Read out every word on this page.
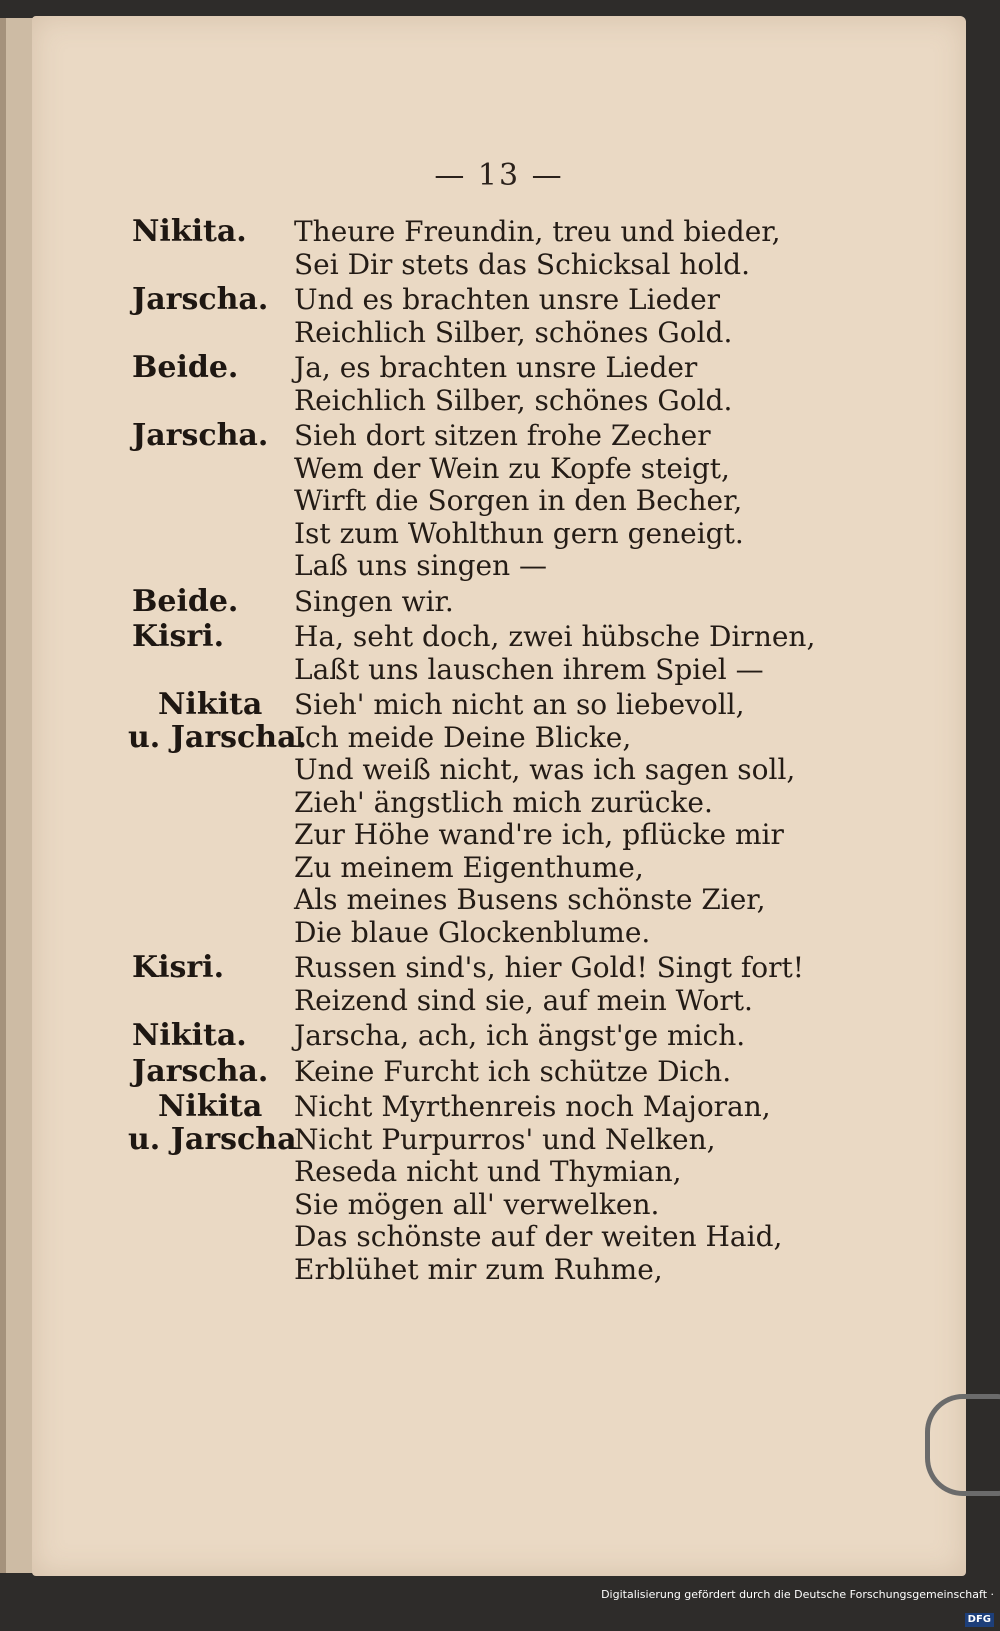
— 13 —
Nikita. Theure Freundin, treu und bieder,
Sei Dir stets das Schicksal hold.
Jarscha. Und es brachten unsre Lieder
Reichlich Silber, schönes Gold.
Beide. Ja, es brachten unsre Lieder
Reichlich Silber, schönes Gold.
Jarscha. Sieh dort sitzen frohe Zecher
Wem der Wein zu Kopfe steigt,
Wirft die Sorgen in den Becher,
Ist zum Wohlthun gern geneigt.
Laß uns singen —
Beide. Singen wir.
Kisri. Ha, seht doch, zwei hübsche Dirnen,
Laßt uns lauschen ihrem Spiel —
Nikita
u. Jarscha.
Sieh' mich nicht an so liebevoll,
Ich meide Deine Blicke,
Und weiß nicht, was ich sagen soll,
Zieh' ängstlich mich zurücke.
Zur Höhe wand're ich, pflücke mir
Zu meinem Eigenthume,
Als meines Busens schönste Zier,
Die blaue Glockenblume.
Kisri. Russen sind's, hier Gold! Singt fort!
Reizend sind sie, auf mein Wort.
Nikita. Jarscha, ach, ich ängst'ge mich.
Jarscha. Keine Furcht ich schütze Dich.
Nikita
u. Jarscha
Nicht Myrthenreis noch Majoran,
Nicht Purpurros' und Nelken,
Reseda nicht und Thymian,
Sie mögen all' verwelken.
Das schönste auf der weiten Haid,
Erblühet mir zum Ruhme,
Digitalisierung gefördert durch die Deutsche Forschungsgemeinschaft ·DFG
